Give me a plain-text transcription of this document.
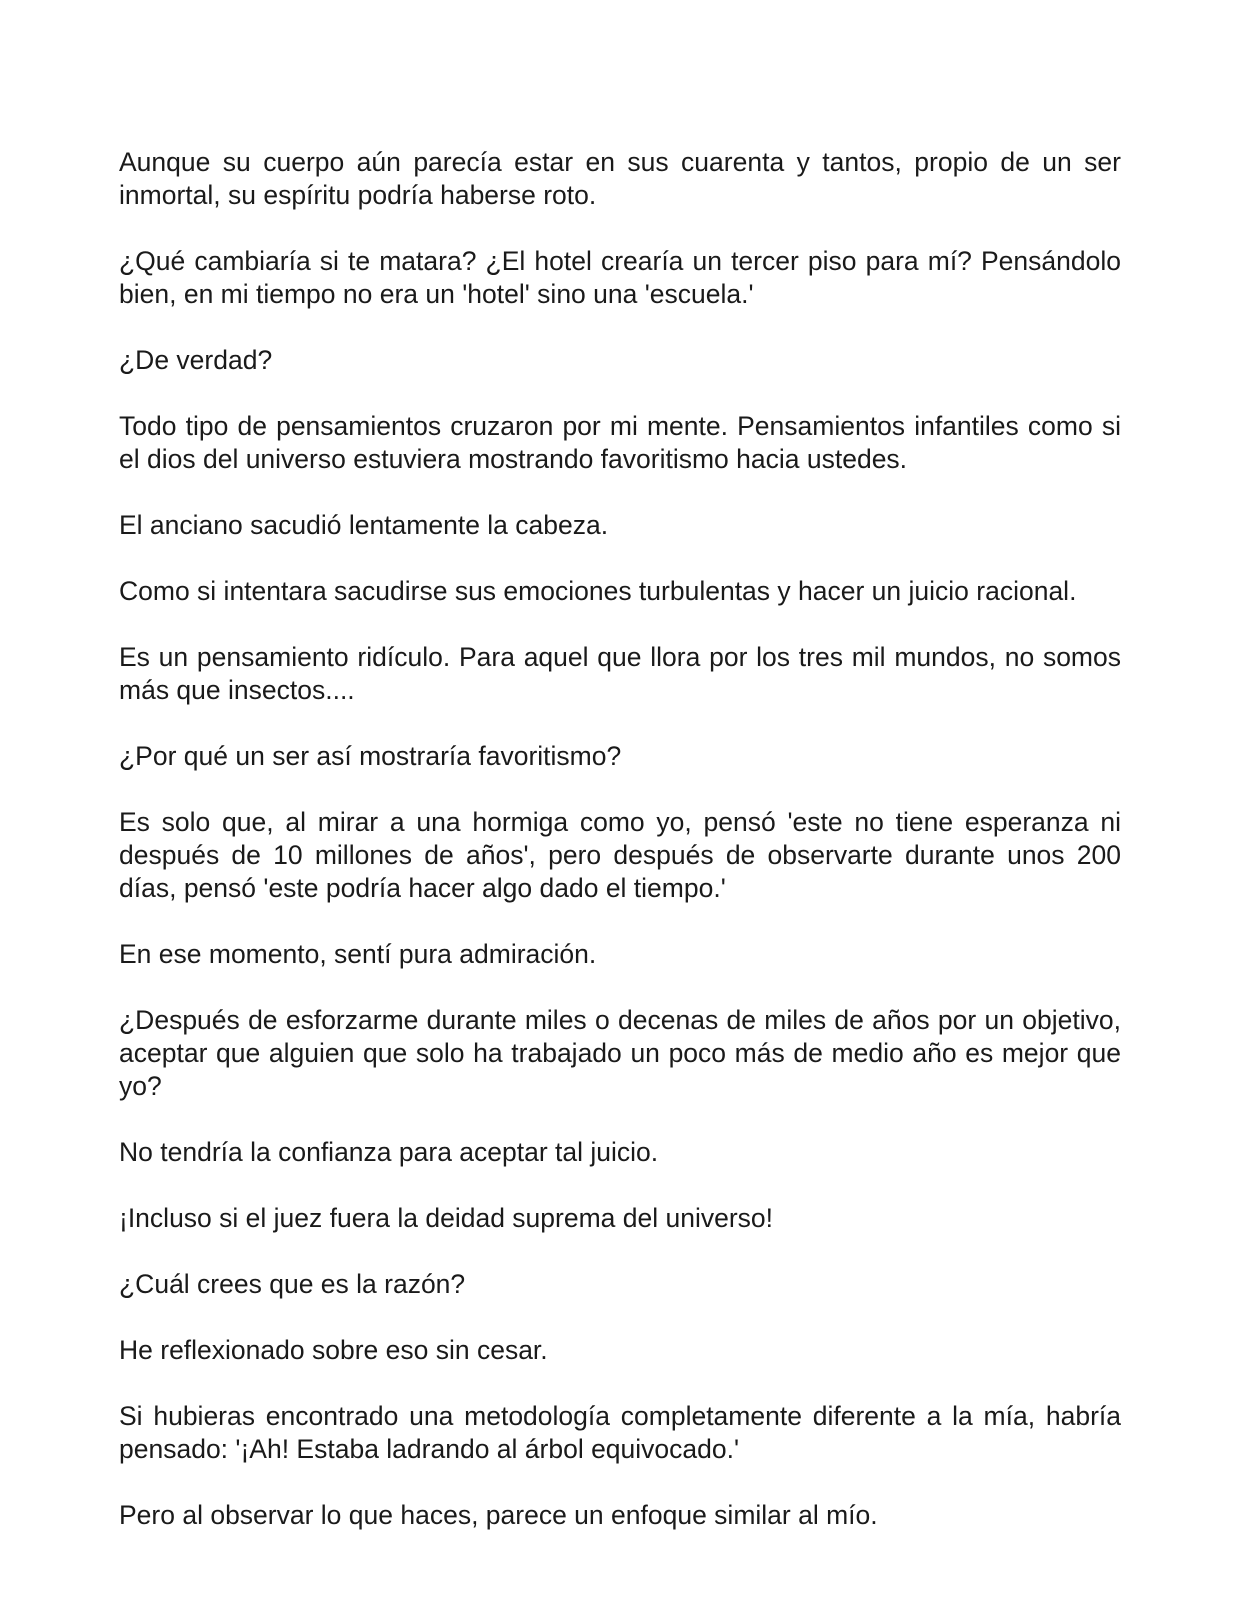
Aunque su cuerpo aún parecía estar en sus cuarenta y tantos, propio de un ser inmortal, su espíritu podría haberse roto.

¿Qué cambiaría si te matara? ¿El hotel crearía un tercer piso para mí? Pensándolo bien, en mi tiempo no era un 'hotel' sino una 'escuela.'

¿De verdad?

Todo tipo de pensamientos cruzaron por mi mente. Pensamientos infantiles como si el dios del universo estuviera mostrando favoritismo hacia ustedes.

El anciano sacudió lentamente la cabeza.

Como si intentara sacudirse sus emociones turbulentas y hacer un juicio racional.

Es un pensamiento ridículo. Para aquel que llora por los tres mil mundos, no somos más que insectos....

¿Por qué un ser así mostraría favoritismo?

Es solo que, al mirar a una hormiga como yo, pensó 'este no tiene esperanza ni después de 10 millones de años', pero después de observarte durante unos 200 días, pensó 'este podría hacer algo dado el tiempo.'

En ese momento, sentí pura admiración.

¿Después de esforzarme durante miles o decenas de miles de años por un objetivo, aceptar que alguien que solo ha trabajado un poco más de medio año es mejor que yo?

No tendría la confianza para aceptar tal juicio.

¡Incluso si el juez fuera la deidad suprema del universo!

¿Cuál crees que es la razón?

He reflexionado sobre eso sin cesar.

Si hubieras encontrado una metodología completamente diferente a la mía, habría pensado: '¡Ah! Estaba ladrando al árbol equivocado.'

Pero al observar lo que haces, parece un enfoque similar al mío.
